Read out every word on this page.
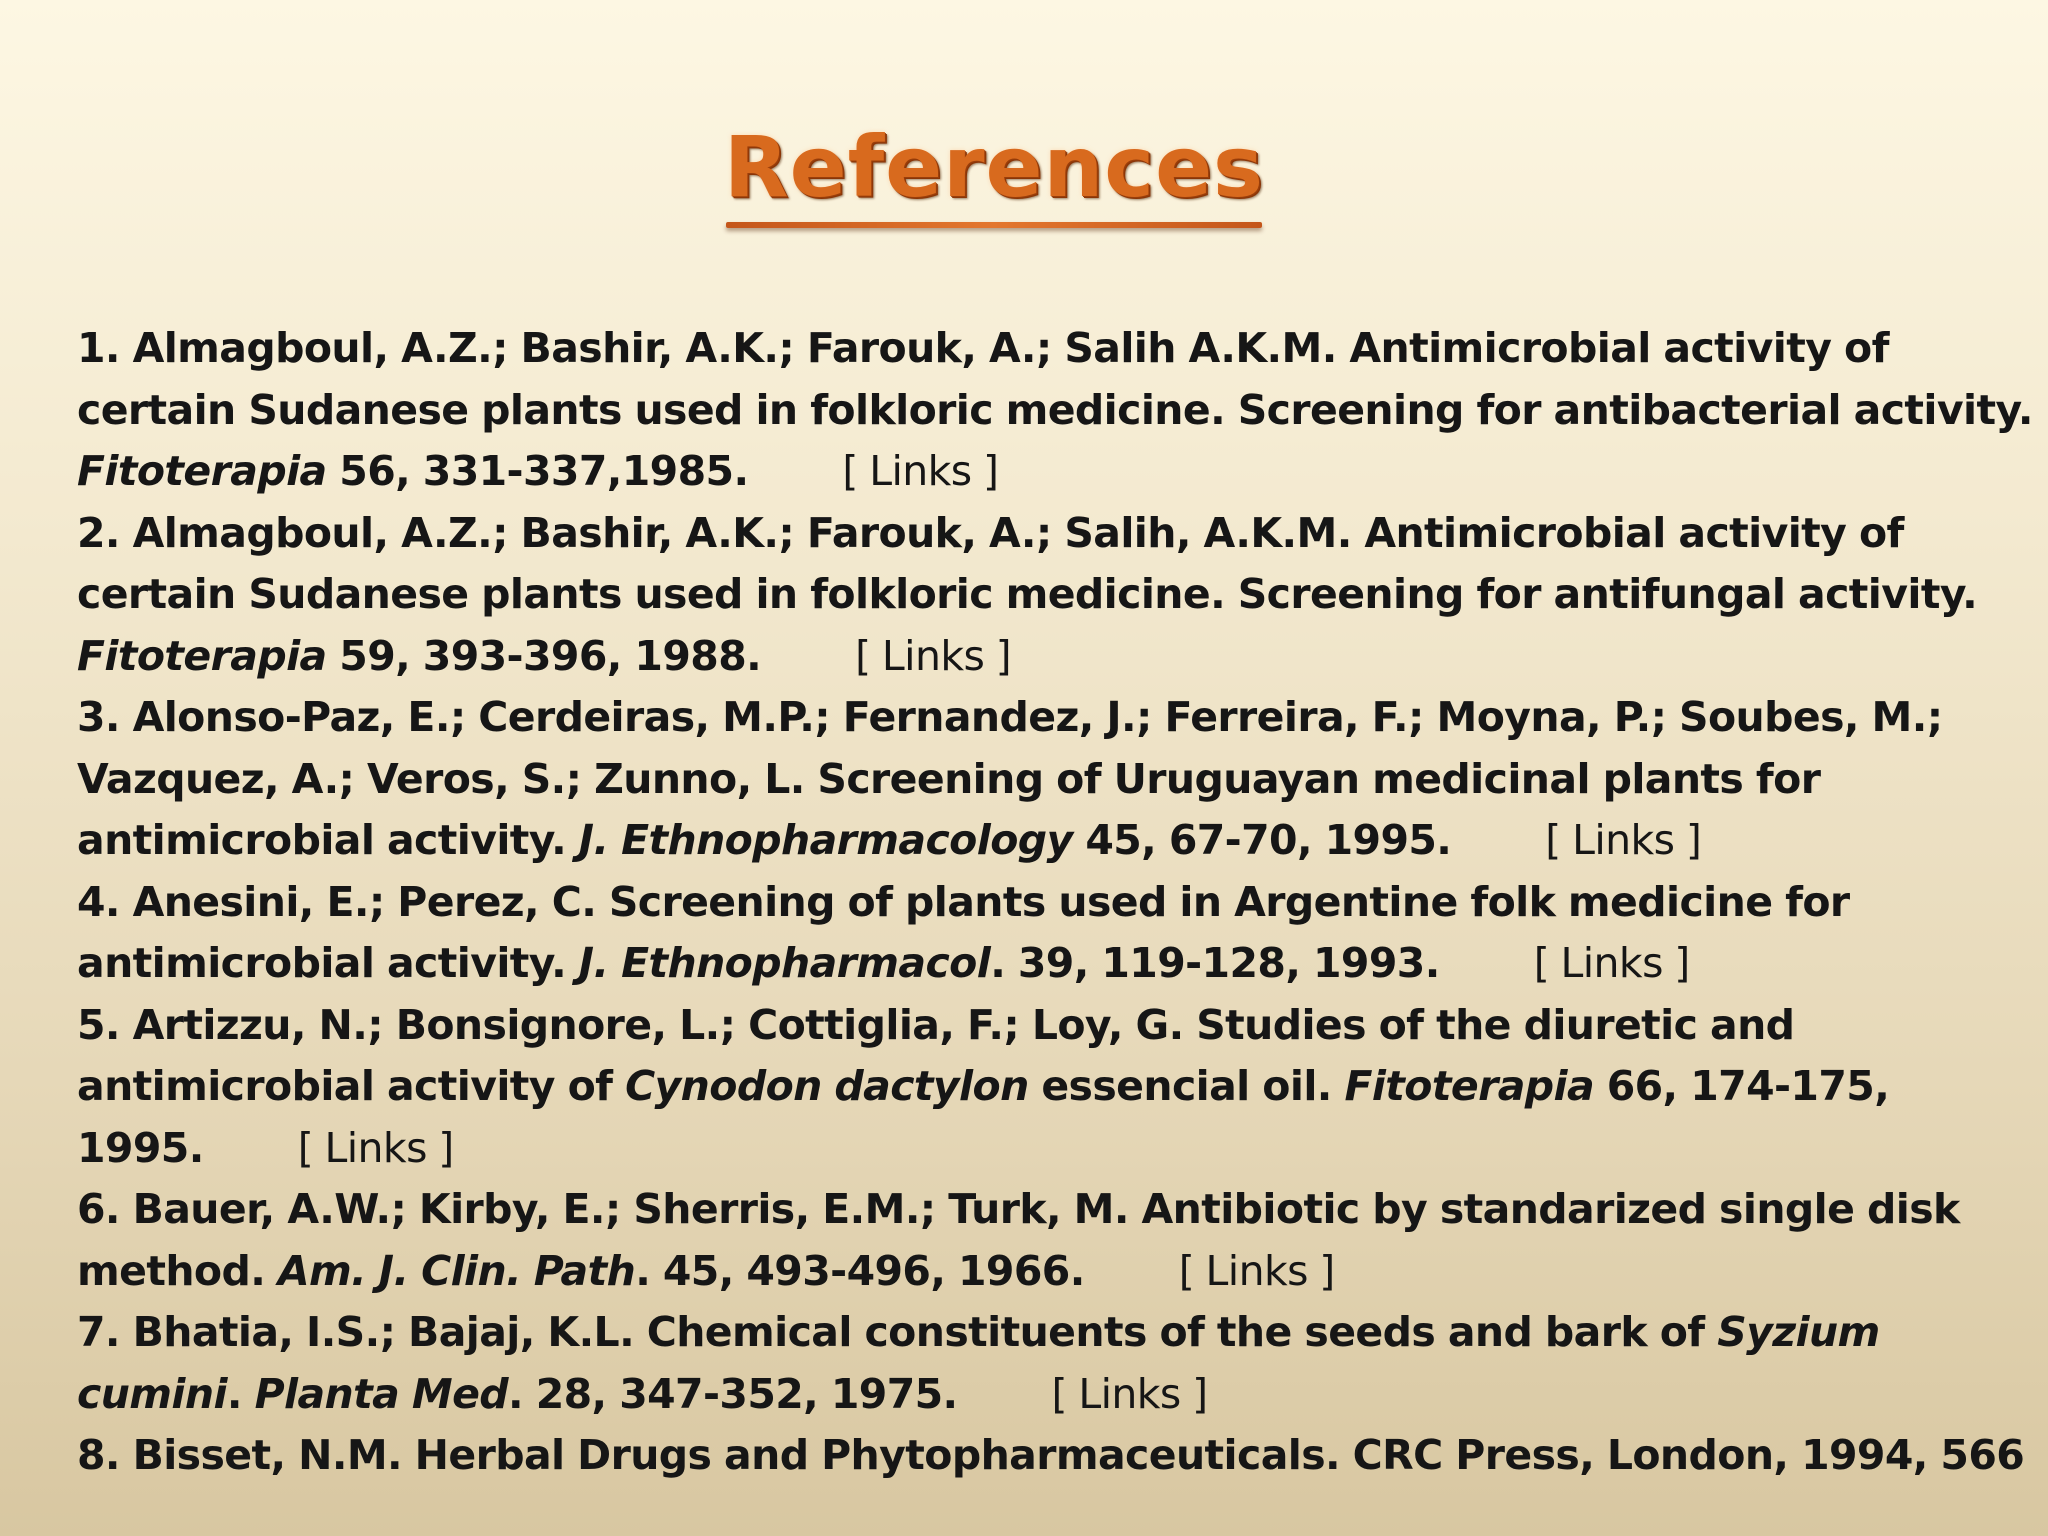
References
1. Almagboul, A.Z.; Bashir, A.K.; Farouk, A.; Salih A.K.M. Antimicrobial activity of
certain Sudanese plants used in folkloric medicine. Screening for antibacterial activity.
Fitoterapia 56, 331-337,1985. [ Links ]
2. Almagboul, A.Z.; Bashir, A.K.; Farouk, A.; Salih, A.K.M. Antimicrobial activity of
certain Sudanese plants used in folkloric medicine. Screening for antifungal activity.
Fitoterapia 59, 393-396, 1988. [ Links ]
3. Alonso-Paz, E.; Cerdeiras, M.P.; Fernandez, J.; Ferreira, F.; Moyna, P.; Soubes, M.;
Vazquez, A.; Veros, S.; Zunno, L. Screening of Uruguayan medicinal plants for
antimicrobial activity. J. Ethnopharmacology 45, 67-70, 1995. [ Links ]
4. Anesini, E.; Perez, C. Screening of plants used in Argentine folk medicine for
antimicrobial activity. J. Ethnopharmacol. 39, 119-128, 1993. [ Links ]
5. Artizzu, N.; Bonsignore, L.; Cottiglia, F.; Loy, G. Studies of the diuretic and
antimicrobial activity of Cynodon dactylon essencial oil. Fitoterapia 66, 174-175,
1995. [ Links ]
6. Bauer, A.W.; Kirby, E.; Sherris, E.M.; Turk, M. Antibiotic by standarized single disk
method. Am. J. Clin. Path. 45, 493-496, 1966. [ Links ]
7. Bhatia, I.S.; Bajaj, K.L. Chemical constituents of the seeds and bark of Syzium
cumini. Planta Med. 28, 347-352, 1975. [ Links ]
8. Bisset, N.M. Herbal Drugs and Phytopharmaceuticals. CRC Press, London, 1994, 566
